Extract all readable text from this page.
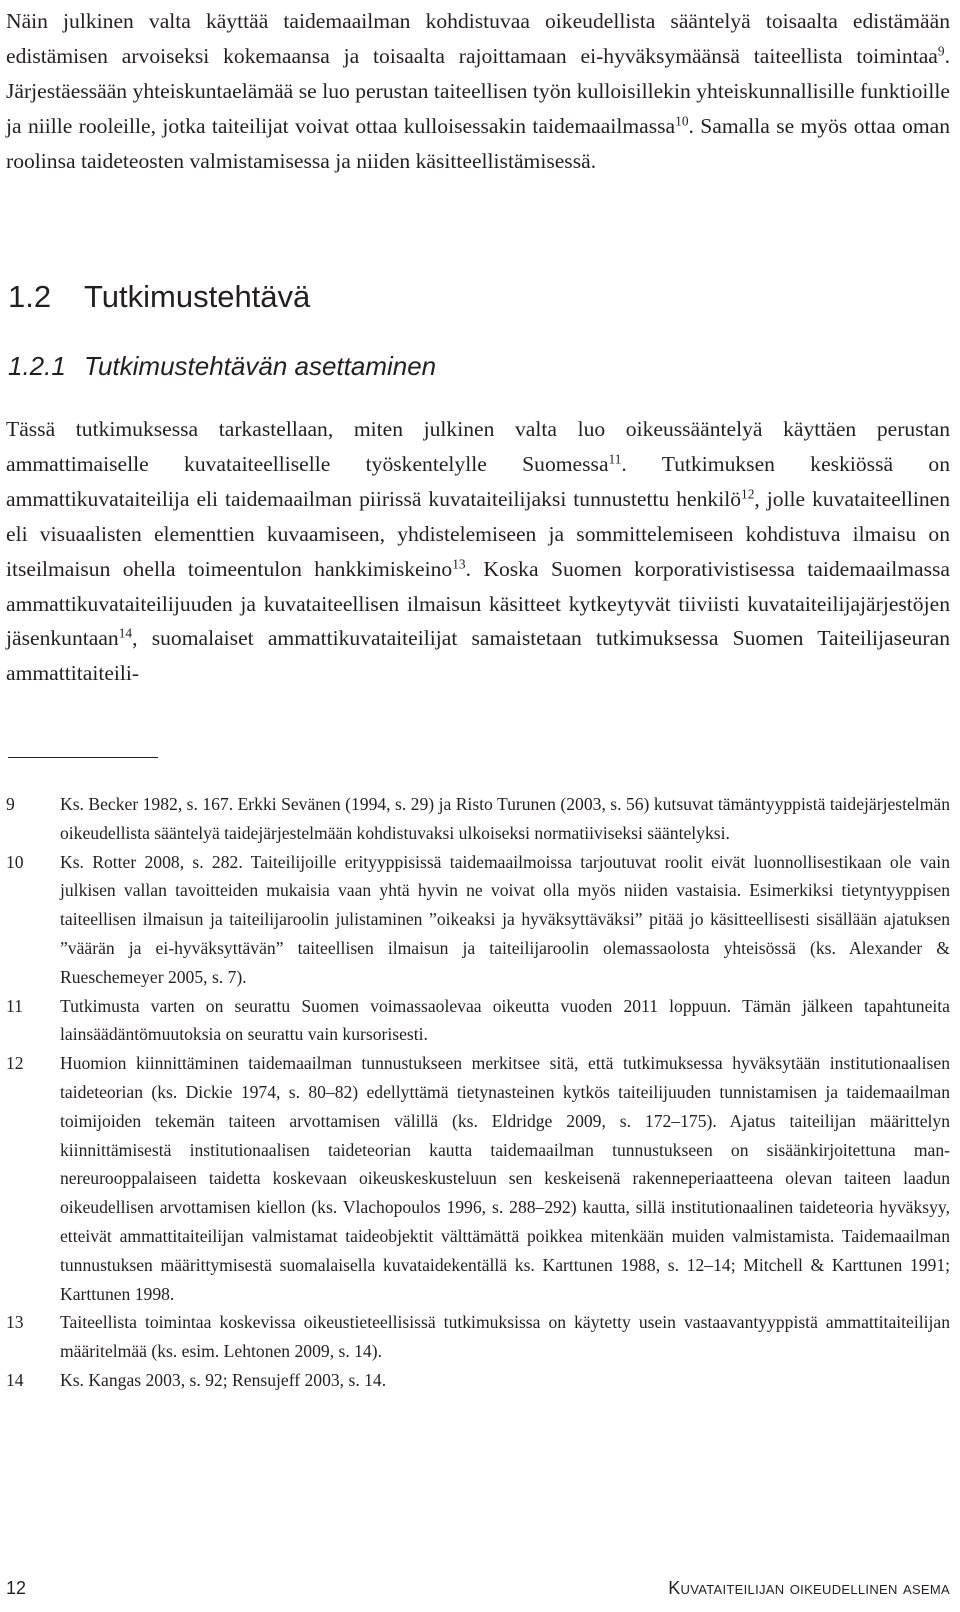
Näin julkinen valta käyttää taidemaailman kohdistuvaa oikeudellista sääntelyä toisaalta edistämään edistämisen arvoiseksi kokemaansa ja toisaalta rajoittamaan ei-hyväksymäänsä taiteellista toimintaa$^9$. Järjestäessään yhteiskuntaelämää se luo perustan taiteellisen työn kulloisillekin yhteiskunnallisille funktioille ja niille rooleille, jotka taiteilijat voivat ottaa kulloisessakin taidemaailmassa$^{10}$. Samalla se myös ottaa oman roolinsa taideteosten valmistamisessa ja niiden käsitteellistämisessä.

1.2 Tutkimustehtävä
1.2.1 Tutkimustehtävän asettaminen

Tässä tutkimuksessa tarkastellaan, miten julkinen valta luo oikeussääntelyä käyttäen perustan ammattimaiselle kuvataiteelliselle työskentelylle Suomessa$^{11}$. Tutkimuksen keskiössä on ammattikuvataiteilija eli taidemaailman piirissä kuvataiteilijaksi tunnustettu henkilö$^{12}$, jolle kuvataiteellinen eli visuaalisten elementtien kuvaamiseen, yhdistelemiseen ja sommittelemiseen kohdistuva ilmaisu on itseilmaisun ohella toimeentulon hankkimiskeino$^{13}$. Koska Suomen korporativistisessa taidemaailmassa ammattikuvataiteilijuuden ja kuvataiteellisen ilmaisun käsitteet kytkeytyvät tiiviisti kuvataiteilijajärjestöjen jäsenkuntaan$^{14}$, suomalaiset ammattikuvataiteilijat samaistetaan tutkimuksessa Suomen Taiteilijaseuran ammattitaiteili-

9	Ks. Becker 1982, s. 167. Erkki Sevänen (1994, s. 29) ja Risto Turunen (2003, s. 56) kutsuvat tämäntyyppistä taidejärjestelmän oikeudellista sääntelyä taidejärjestelmään kohdistuvaksi ulkoiseksi normatiiviseksi sääntelyksi.
10 Ks. Rotter 2008, s. 282. Taiteilijoille erityyppisissä taidemaailmoissa tarjoutuvat roolit eivät luonnollisestikaan ole vain julkisen vallan tavoitteiden mukaisia vaan yhtä hyvin ne voivat olla myös niiden vastaisia. Esimerkiksi tietyntyyppisen taiteellisen ilmaisun ja taiteilijaroolin julistaminen ”oikeaksi ja hyväksyttäväksi” pitää jo käsitteellisesti sisällään ajatuksen ”väärän ja ei-hyväksyttävän” taiteellisen ilmaisun ja taiteilijaroolin olemassaolosta yhteisössä (ks. Alexander & Rueschemeyer 2005, s. 7).
11 Tutkimusta varten on seurattu Suomen voimassaolevaa oikeutta vuoden 2011 loppuun. Tämän jälkeen tapahtuneita lainsäädäntömuutoksia on seurattu vain kursorisesti.
12 Huomion kiinnittäminen taidemaailman tunnustukseen merkitsee sitä, että tutkimuksessa hyväksytään institutionaalisen taideteorian (ks. Dickie 1974, s. 80–82) edellyttämä tietynasteinen kytkös taiteilijuuden tunnistamisen ja taidemaailman toimijoiden tekemän taiteen arvottamisen välillä (ks. Eldridge 2009, s. 172–175). Ajatus taiteilijan määrittelyn kiinnittämisestä institutionaalisen taideteorian kautta taidemaailman tunnustukseen on sisäänkirjoitettuna mannereurooppalaiseen taidetta koskevaan oikeuskeskusteluun sen keskeisenä rakenneperiaatteena olevan taiteen laadun oikeudellisen arvottamisen kiellon (ks. Vlachopoulos 1996, s. 288–292) kautta, sillä institutionaalinen taideteoria hyväksyy, etteivät ammattitaiteilijan valmistamat taideobjektit välttämättä poikkea mitenkään muiden valmistamista. Taidemaailman tunnustuksen määrittymisestä suomalaisella kuvataidekentällä ks. Karttunen 1988, s. 12–14; Mitchell & Karttunen 1991; Karttunen 1998.
13 Taiteellista toimintaa koskevissa oikeustieteellisissä tutkimuksissa on käytetty usein vastaavantyyppistä ammattitaiteilijan määritelmää (ks. esim. Lehtonen 2009, s. 14).
14 Ks. Kangas 2003, s. 92; Rensujeff 2003, s. 14.
12	Kuvataiteilijan oikeudellinen asema
